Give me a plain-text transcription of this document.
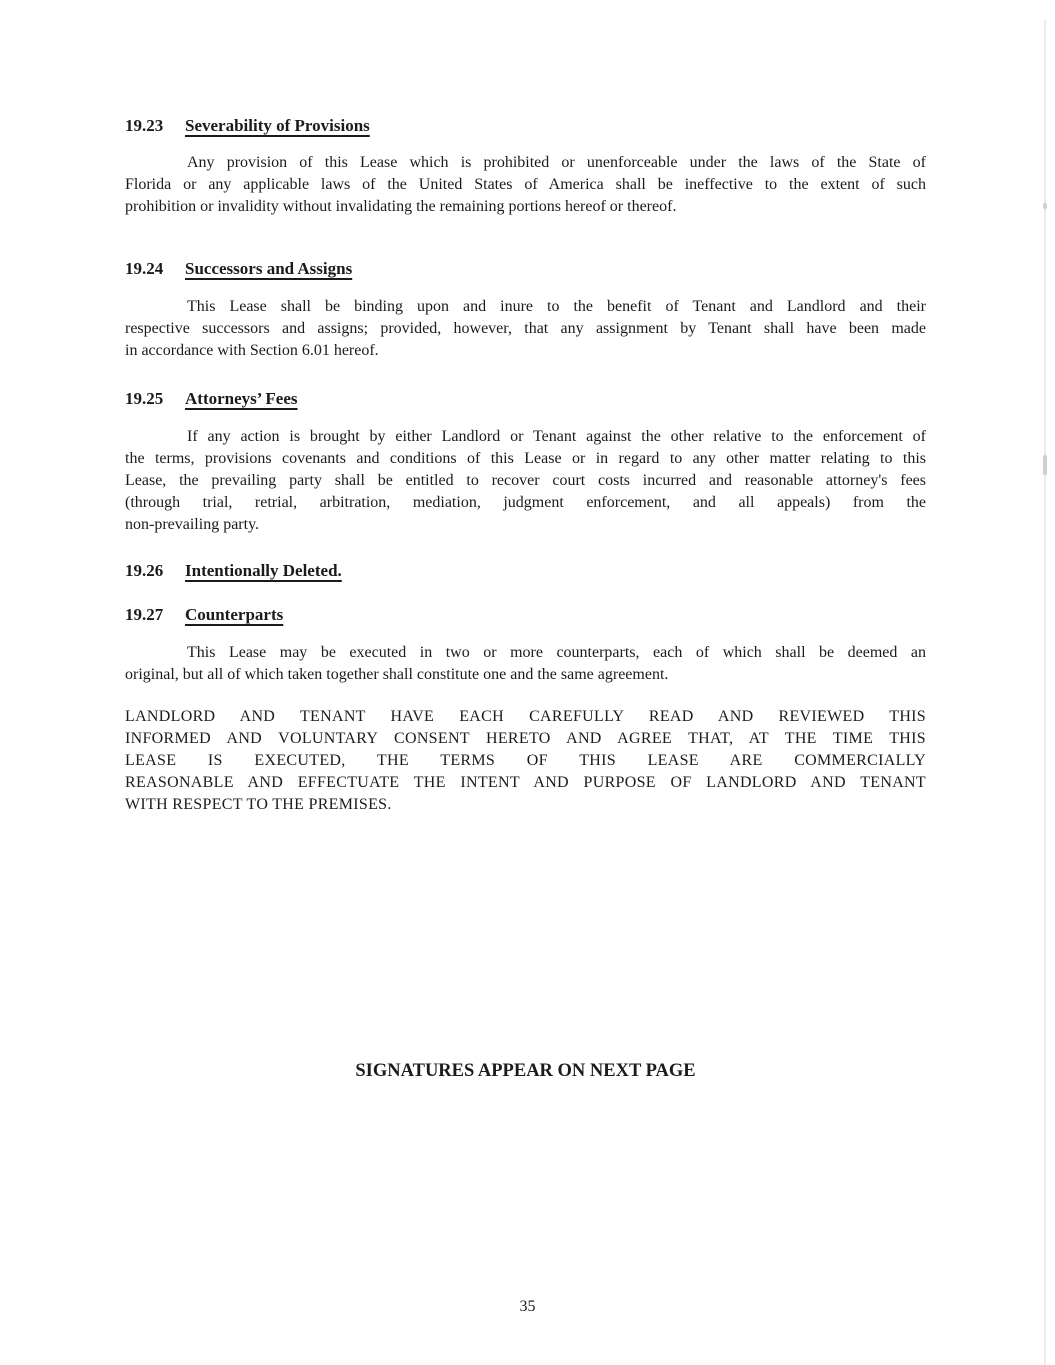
19.23 Severability of Provisions
Any provision of this Lease which is prohibited or unenforceable under the laws of the State of
Florida or any applicable laws of the United States of America shall be ineffective to the extent of such
prohibition or invalidity without invalidating the remaining portions hereof or thereof.
19.24 Successors and Assigns
This Lease shall be binding upon and inure to the benefit of Tenant and Landlord and their
respective successors and assigns; provided, however, that any assignment by Tenant shall have been made
in accordance with Section 6.01 hereof.
19.25 Attorneys’ Fees
If any action is brought by either Landlord or Tenant against the other relative to the enforcement of
the terms, provisions covenants and conditions of this Lease or in regard to any other matter relating to this
Lease, the prevailing party shall be entitled to recover court costs incurred and reasonable attorney's fees
(through trial, retrial, arbitration, mediation, judgment enforcement, and all appeals) from the
non-prevailing party.
19.26 Intentionally Deleted.
19.27 Counterparts
This Lease may be executed in two or more counterparts, each of which shall be deemed an
original, but all of which taken together shall constitute one and the same agreement.
LANDLORD AND TENANT HAVE EACH CAREFULLY READ AND REVIEWED THIS
INFORMED AND VOLUNTARY CONSENT HERETO AND AGREE THAT, AT THE TIME THIS
LEASE IS EXECUTED, THE TERMS OF THIS LEASE ARE COMMERCIALLY
REASONABLE AND EFFECTUATE THE INTENT AND PURPOSE OF LANDLORD AND TENANT
WITH RESPECT TO THE PREMISES.
SIGNATURES APPEAR ON NEXT PAGE
35
